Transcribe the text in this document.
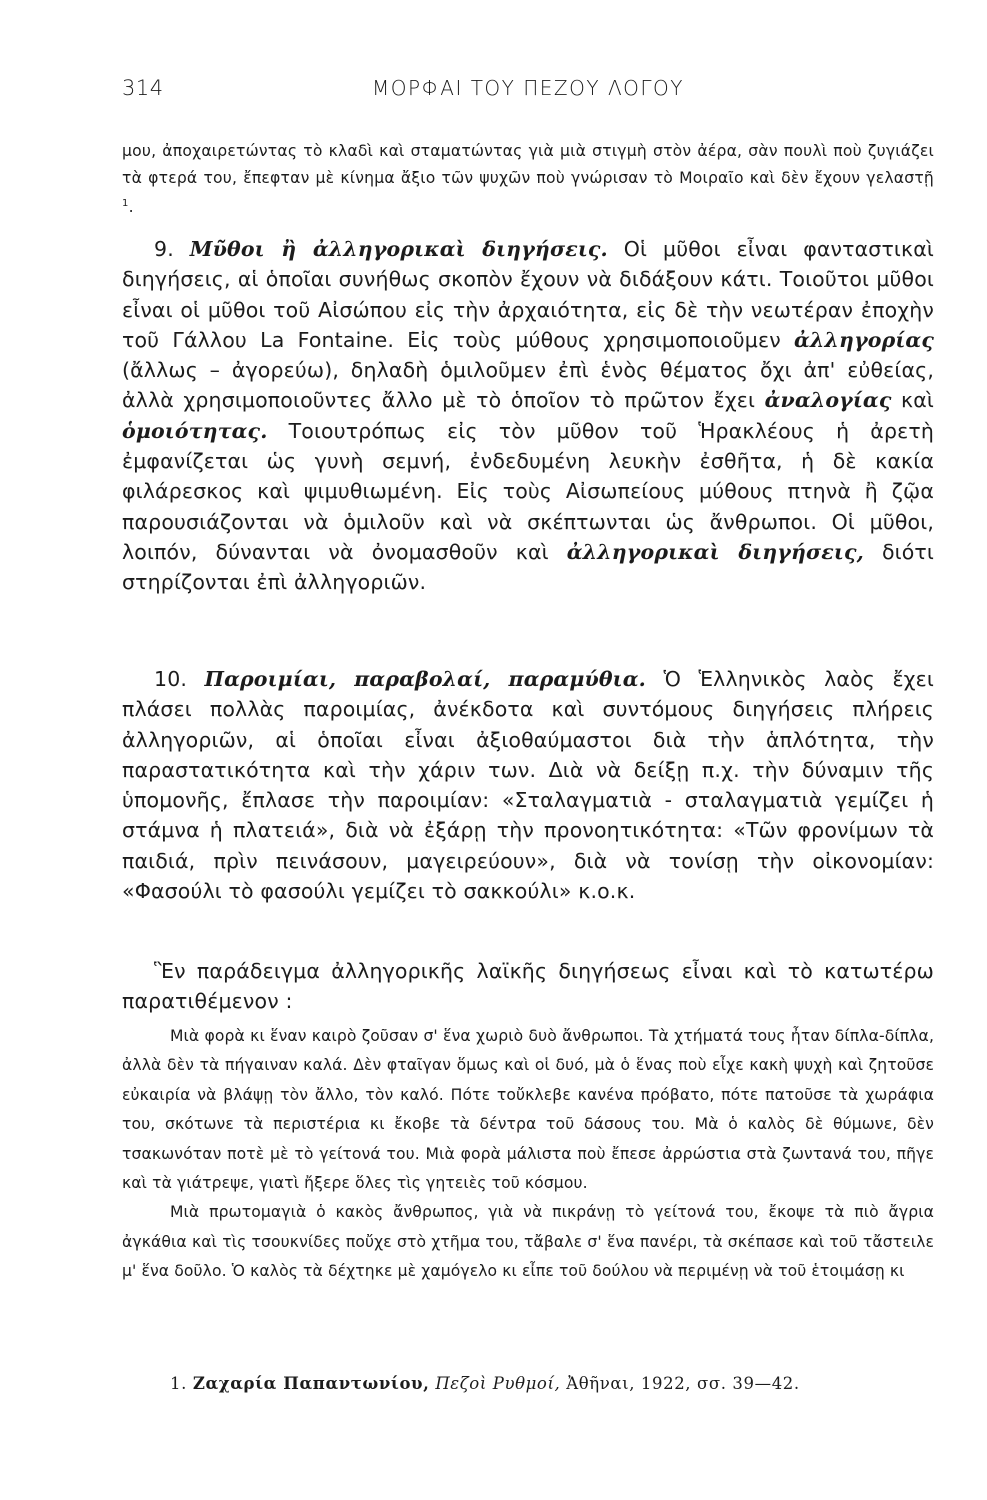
314	ΜΟΡΦΑΙ ΤΟΥ ΠΕΖΟΥ ΛΟΓΟΥ

μου, ἀποχαιρετώντας τὸ κλαδὶ καὶ σταματώντας γιὰ μιὰ στιγμὴ στὸν ἀέρα, σὰν πουλὶ ποὺ ζυγιάζει τὰ φτερά του, ἔπεφταν μὲ κίνημα ἄξιο τῶν ψυχῶν ποὺ γνώρισαν τὸ Μοιραῖο καὶ δὲν ἔχουν γελαστῇ $^1$.

9. Μῦθοι ἢ ἀλληγορικαὶ διηγήσεις. Οἱ μῦθοι εἶναι φανταστικαὶ διηγήσεις, αἱ ὁποῖαι συνήθως σκοπὸν ἔχουν νὰ διδάξουν κάτι. Τοιοῦτοι μῦθοι εἶναι οἱ μῦθοι τοῦ Αἰσώπου εἰς τὴν ἀρχαιότητα, εἰς δὲ τὴν νεωτέραν ἐποχὴν τοῦ Γάλλου La Fontaine. Εἰς τοὺς μύθους χρησιμοποιοῦμεν ἀλληγορίας (ἄλλως – ἀγορεύω), δηλαδὴ ὁμιλοῦμεν ἐπὶ ἑνὸς θέματος ὄχι ἀπ' εὐθείας, ἀλλὰ χρησιμοποιοῦντες ἄλλο μὲ τὸ ὁποῖον τὸ πρῶτον ἔχει ἀναλογίας καὶ ὁμοιότητας. Τοιουτρόπως εἰς τὸν μῦθον τοῦ Ἡρακλέους ἡ ἀρετὴ ἐμφανίζεται ὡς γυνὴ σεμνή, ἐνδεδυμένη λευκὴν ἐσθῆτα, ἡ δὲ κακία φιλάρεσκος καὶ ψιμυθιωμένη. Εἰς τοὺς Αἰσωπείους μύθους πτηνὰ ἢ ζῷα παρουσιάζονται νὰ ὁμιλοῦν καὶ νὰ σκέπτωνται ὡς ἄνθρωποι. Οἱ μῦθοι, λοιπόν, δύνανται νὰ ὀνομασθοῦν καὶ ἀλληγορικαὶ διηγήσεις, διότι στηρίζονται ἐπὶ ἀλληγοριῶν.

10. Παροιμίαι, παραβολαί, παραμύθια. Ὁ Ἑλληνικὸς λαὸς ἔχει πλάσει πολλὰς παροιμίας, ἀνέκδοτα καὶ συντόμους διηγήσεις πλήρεις ἀλληγοριῶν, αἱ ὁποῖαι εἶναι ἀξιοθαύμαστοι διὰ τὴν ἁπλότητα, τὴν παραστατικότητα καὶ τὴν χάριν των. Διὰ νὰ δείξῃ π.χ. τὴν δύναμιν τῆς ὑπομονῆς, ἔπλασε τὴν παροιμίαν: «Σταλαγματιὰ - σταλαγματιὰ γεμίζει ἡ στάμνα ἡ πλατειά», διὰ νὰ ἐξάρῃ τὴν προνοητικότητα: «Τῶν φρονίμων τὰ παιδιά, πρὶν πεινάσουν, μαγειρεύουν», διὰ νὰ τονίσῃ τὴν οἰκονομίαν: «Φασούλι τὸ φασούλι γεμίζει τὸ σακκούλι» κ.ο.κ.

Ἓν παράδειγμα ἀλληγορικῆς λαϊκῆς διηγήσεως εἶναι καὶ τὸ κατωτέρω παρατιθέμενον :

Μιὰ φορὰ κι ἕναν καιρὸ ζοῦσαν σ' ἕνα χωριὸ δυὸ ἄνθρωποι. Τὰ χτήματά τους ἦταν δίπλα-δίπλα, ἀλλὰ δὲν τὰ πήγαιναν καλά. Δὲν φταῖγαν ὅμως καὶ οἱ δυό, μὰ ὁ ἕνας ποὺ εἶχε κακὴ ψυχὴ καὶ ζητοῦσε εὐκαιρία νὰ βλάψῃ τὸν ἄλλο, τὸν καλό. Πότε τοὔκλεβε κανένα πρόβατο, πότε πατοῦσε τὰ χωράφια του, σκότωνε τὰ περιστέρια κι ἔκοβε τὰ δέντρα τοῦ δάσους του. Μὰ ὁ καλὸς δὲ θύμωνε, δὲν τσακωνόταν ποτὲ μὲ τὸ γείτονά του. Μιὰ φορὰ μάλιστα ποὺ ἔπεσε ἀρρώστια στὰ ζωντανά του, πῆγε καὶ τὰ γιάτρεψε, γιατὶ ἤξερε ὅλες τὶς γητειὲς τοῦ κόσμου.

Μιὰ πρωτομαγιὰ ὁ κακὸς ἄνθρωπος, γιὰ νὰ πικράνῃ τὸ γείτονά του, ἔκοψε τὰ πιὸ ἄγρια ἀγκάθια καὶ τὶς τσουκνίδες ποὔχε στὸ χτῆμα του, τἄβαλε σ' ἕνα πανέρι, τὰ σκέπασε καὶ τοῦ τἄστειλε μ' ἕνα δοῦλο. Ὁ καλὸς τὰ δέχτηκε μὲ χαμόγελο κι εἶπε τοῦ δούλου νὰ περιμένῃ νὰ τοῦ ἑτοιμάσῃ κι

1. Ζαχαρία Παπαντωνίου, Πεζοὶ Ρυθμοί, Ἀθῆναι, 1922, σσ. 39—42.
